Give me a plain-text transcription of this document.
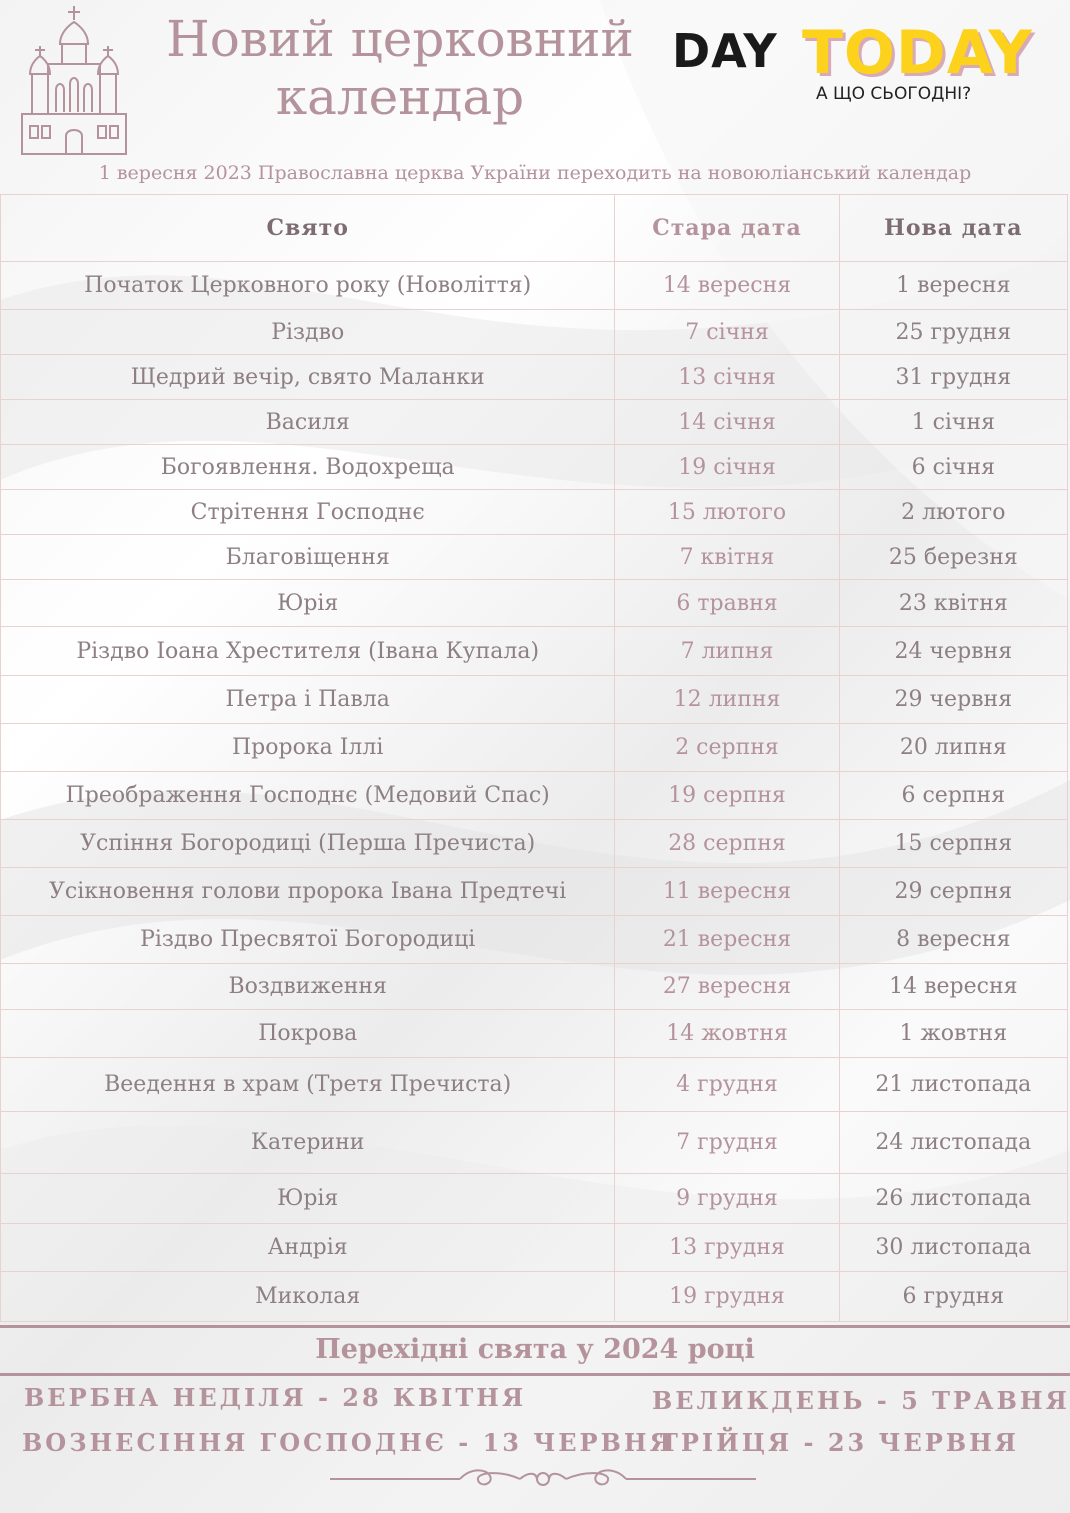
Новий церковний
календар
DAY TODAY
А ЩО СЬОГОДНІ?
1 вересня 2023 Православна церква України переходить на новоюліанський календар
Свято	Стара дата	Нова дата
Початок Церковного року (Новоліття)	14 вересня	1 вересня
Різдво	7 січня	25 грудня
Щедрий вечір, свято Маланки	13 січня	31 грудня
Василя	14 січня	1 січня
Богоявлення. Водохреща	19 січня	6 січня
Стрітення Господнє	15 лютого	2 лютого
Благовіщення	7 квітня	25 березня
Юрія	6 травня	23 квітня
Різдво Іоана Хрестителя (Івана Купала)	7 липня	24 червня
Петра і Павла	12 липня	29 червня
Пророка Іллі	2 серпня	20 липня
Преображення Господнє (Медовий Спас)	19 серпня	6 серпня
Успіння Богородиці (Перша Пречиста)	28 серпня	15 серпня
Усікновення голови пророка Івана Предтечі	11 вересня	29 серпня
Різдво Пресвятої Богородиці	21 вересня	8 вересня
Воздвиження	27 вересня	14 вересня
Покрова	14 жовтня	1 жовтня
Веедення в храм (Третя Пречиста)	4 грудня	21 листопада
Катерини	7 грудня	24 листопада
Юрія	9 грудня	26 листопада
Андрія	13 грудня	30 листопада
Миколая	19 грудня	6 грудня
Перехідні свята у 2024 році
ВЕРБНА НЕДІЛЯ - 28 КВІТНЯ	ВЕЛИКДЕНЬ - 5 ТРАВНЯ
ВОЗНЕСІННЯ ГОСПОДНЄ - 13 ЧЕРВНЯ
ТРІЙЦЯ - 23 ЧЕРВНЯ
